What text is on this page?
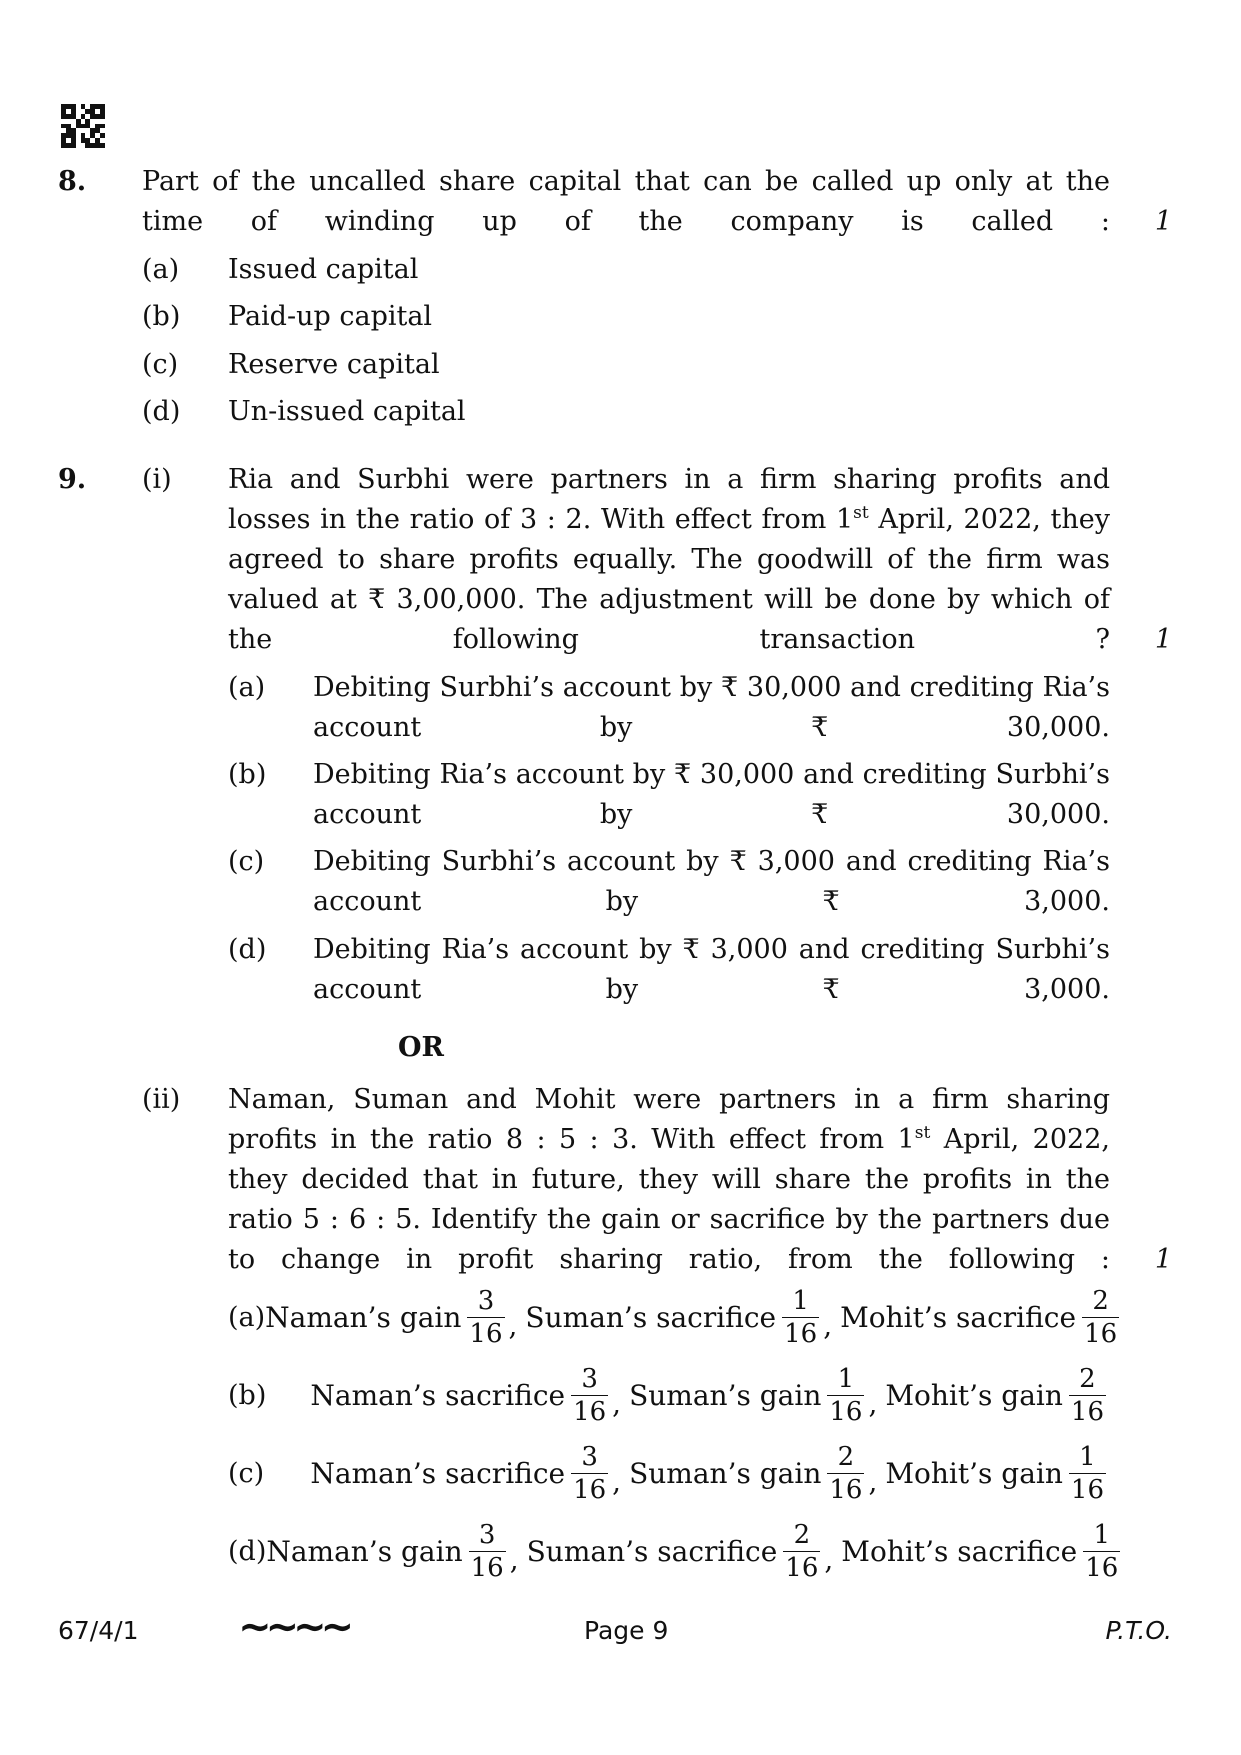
8. Part of the uncalled share capital that can be called up only at the time of winding up of the company is called : 1
(a) Issued capital
(b) Paid-up capital
(c) Reserve capital
(d) Un-issued capital
9. (i) Ria and Surbhi were partners in a firm sharing profits and losses in the ratio of 3 : 2. With effect from 1st April, 2022, they agreed to share profits equally. The goodwill of the firm was valued at ₹ 3,00,000. The adjustment will be done by which of the following transaction ? 1
(a) Debiting Surbhi’s account by ₹ 30,000 and crediting Ria’s account by ₹ 30,000.
(b) Debiting Ria’s account by ₹ 30,000 and crediting Surbhi’s account by ₹ 30,000.
(c) Debiting Surbhi’s account by ₹ 3,000 and crediting Ria’s account by ₹ 3,000.
(d) Debiting Ria’s account by ₹ 3,000 and crediting Surbhi’s account by ₹ 3,000.
OR
(ii) Naman, Suman and Mohit were partners in a firm sharing profits in the ratio 8 : 5 : 3. With effect from 1st April, 2022, they decided that in future, they will share the profits in the ratio 5 : 6 : 5. Identify the gain or sacrifice by the partners due to change in profit sharing ratio, from the following : 1
(a) Naman’s gain $\frac{3}{16}$ , Suman’s sacrifice $\frac{1}{16}$ , Mohit’s sacrifice $\frac{2}{16}$
(b)	Naman’s sacrifice $\frac{3}{16}$ , Suman’s gain $\frac{1}{16}$ , Mohit’s gain $\frac{2}{16}$
(c)	Naman’s sacrifice $\frac{3}{16}$ , Suman’s gain $\frac{2}{16}$ , Mohit’s gain $\frac{1}{16}$
(d) Naman’s gain $\frac{3}{16}$ , Suman’s sacrifice $\frac{2}{16}$ , Mohit’s sacrifice $\frac{1}{16}$
67/4/1 ∼∼∼∼	Page 9	P.T.O.
